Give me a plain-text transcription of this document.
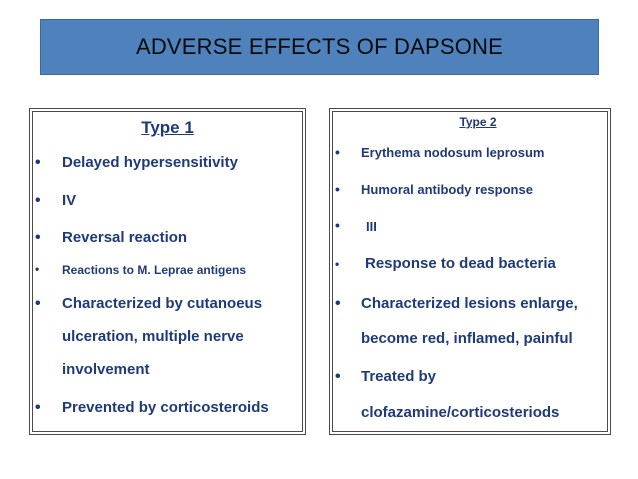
ADVERSE EFFECTS OF DAPSONE
Type 1
• Delayed hypersensitivity
• IV
• Reversal reaction
• Reactions to M. Leprae antigens
• Characterized by cutanoeus
ulceration, multiple nerve
involvement
• Prevented by corticosteroids
Type 2
• Erythema nodosum leprosum
• Humoral antibody response
• III
• Response to dead bacteria
• Characterized lesions enlarge,
become red, inflamed, painful
• Treated by
clofazamine/corticosteriods
